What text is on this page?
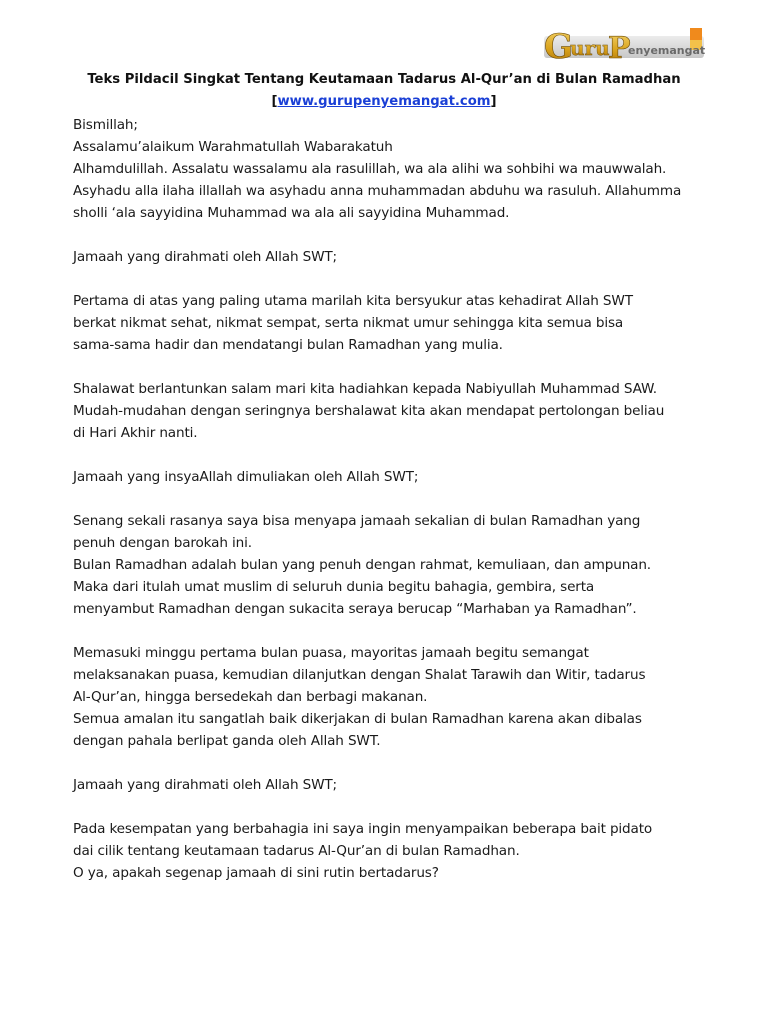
G
uru
P
enyemangat
Teks Pildacil Singkat Tentang Keutamaan Tadarus Al-Qur’an di Bulan Ramadhan
[www.gurupenyemangat.com]
Bismillah;
Assalamu’alaikum Warahmatullah Wabarakatuh
Alhamdulillah. Assalatu wassalamu ala rasulillah, wa ala alihi wa sohbihi wa mauwwalah.
Asyhadu alla ilaha illallah wa asyhadu anna muhammadan abduhu wa rasuluh. Allahumma
sholli ‘ala sayyidina Muhammad wa ala ali sayyidina Muhammad.
Jamaah yang dirahmati oleh Allah SWT;
Pertama di atas yang paling utama marilah kita bersyukur atas kehadirat Allah SWT
berkat nikmat sehat, nikmat sempat, serta nikmat umur sehingga kita semua bisa
sama-sama hadir dan mendatangi bulan Ramadhan yang mulia.
Shalawat berlantunkan salam mari kita hadiahkan kepada Nabiyullah Muhammad SAW.
Mudah-mudahan dengan seringnya bershalawat kita akan mendapat pertolongan beliau
di Hari Akhir nanti.
Jamaah yang insyaAllah dimuliakan oleh Allah SWT;
Senang sekali rasanya saya bisa menyapa jamaah sekalian di bulan Ramadhan yang
penuh dengan barokah ini.
Bulan Ramadhan adalah bulan yang penuh dengan rahmat, kemuliaan, dan ampunan.
Maka dari itulah umat muslim di seluruh dunia begitu bahagia, gembira, serta
menyambut Ramadhan dengan sukacita seraya berucap “Marhaban ya Ramadhan”.
Memasuki minggu pertama bulan puasa, mayoritas jamaah begitu semangat
melaksanakan puasa, kemudian dilanjutkan dengan Shalat Tarawih dan Witir, tadarus
Al-Qur’an, hingga bersedekah dan berbagi makanan.
Semua amalan itu sangatlah baik dikerjakan di bulan Ramadhan karena akan dibalas
dengan pahala berlipat ganda oleh Allah SWT.
Jamaah yang dirahmati oleh Allah SWT;
Pada kesempatan yang berbahagia ini saya ingin menyampaikan beberapa bait pidato
dai cilik tentang keutamaan tadarus Al-Qur’an di bulan Ramadhan.
O ya, apakah segenap jamaah di sini rutin bertadarus?
